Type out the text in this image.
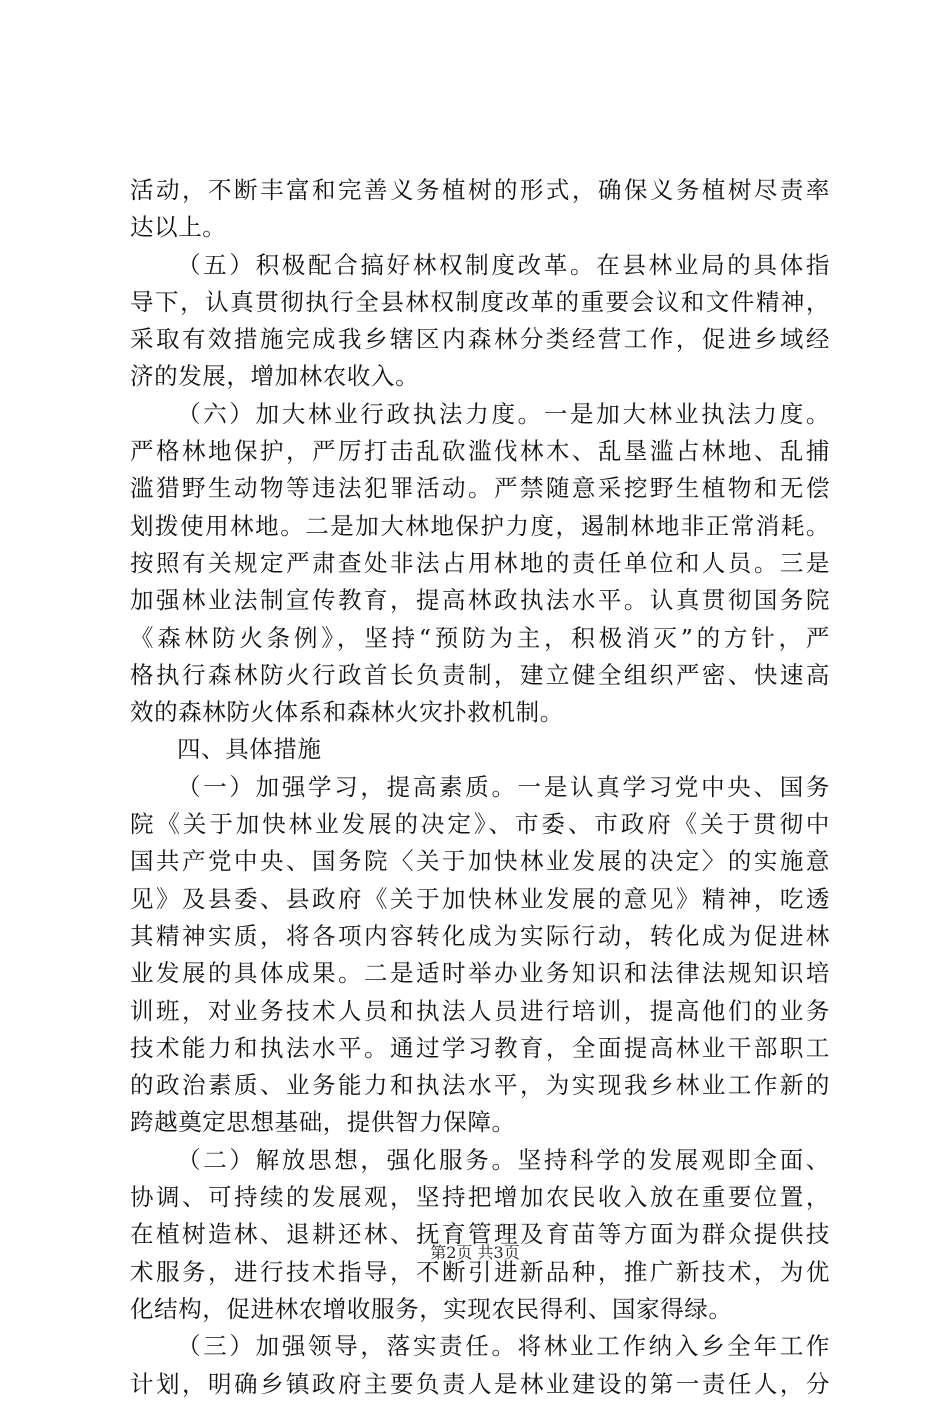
活动，不断丰富和完善义务植树的形式，确保义务植树尽责率
达以上。
（五）积极配合搞好林权制度改革。在县林业局的具体指
导下，认真贯彻执行全县林权制度改革的重要会议和文件精神，
采取有效措施完成我乡辖区内森林分类经营工作，促进乡域经
济的发展，增加林农收入。
（六）加大林业行政执法力度。一是加大林业执法力度。
严格林地保护，严厉打击乱砍滥伐林木、乱垦滥占林地、乱捕
滥猎野生动物等违法犯罪活动。严禁随意采挖野生植物和无偿
划拨使用林地。二是加大林地保护力度，遏制林地非正常消耗。
按照有关规定严肃查处非法占用林地的责任单位和人员。三是
加强林业法制宣传教育，提高林政执法水平。认真贯彻国务院
《森林防火条例》，坚持“预防为主，积极消灭”的方针，严
格执行森林防火行政首长负责制，建立健全组织严密、快速高
效的森林防火体系和森林火灾扑救机制。
四、具体措施
（一）加强学习，提高素质。一是认真学习党中央、国务
院《关于加快林业发展的决定》、市委、市政府《关于贯彻中
国共产党中央、国务院〈关于加快林业发展的决定〉的实施意
见》及县委、县政府《关于加快林业发展的意见》精神，吃透
其精神实质，将各项内容转化成为实际行动，转化成为促进林
业发展的具体成果。二是适时举办业务知识和法律法规知识培
训班，对业务技术人员和执法人员进行培训，提高他们的业务
技术能力和执法水平。通过学习教育，全面提高林业干部职工
的政治素质、业务能力和执法水平，为实现我乡林业工作新的
跨越奠定思想基础，提供智力保障。
（二）解放思想，强化服务。坚持科学的发展观即全面、
协调、可持续的发展观，坚持把增加农民收入放在重要位置，
在植树造林、退耕还林、抚育管理及育苗等方面为群众提供技
术服务，进行技术指导，不断引进新品种，推广新技术，为优
化结构，促进林农增收服务，实现农民得利、国家得绿。
（三）加强领导，落实责任。将林业工作纳入乡全年工作
计划，明确乡镇政府主要负责人是林业建设的第一责任人，分
第2页 共3页
